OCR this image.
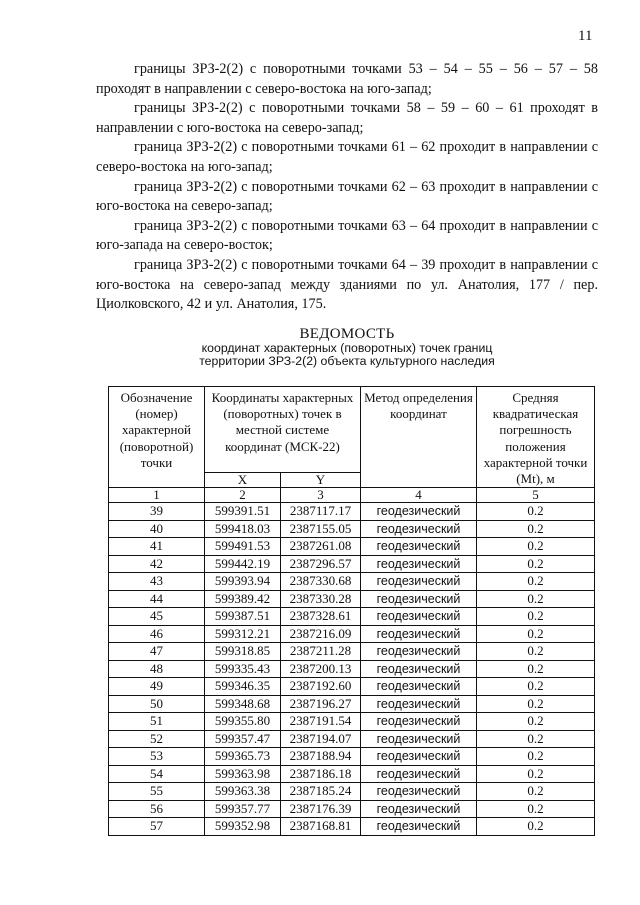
11

границы ЗРЗ-2(2) с поворотными точками 53 – 54 – 55 – 56 – 57 – 58 проходят в направлении с северо-востока на юго-запад;

границы ЗРЗ-2(2) с поворотными точками 58 – 59 – 60 – 61 проходят в направлении с юго-востока на северо-запад;

граница ЗРЗ-2(2) с поворотными точками 61 – 62 проходит в направлении с северо-востока на юго-запад;

граница ЗРЗ-2(2) с поворотными точками 62 – 63 проходит в направлении с юго-востока на северо-запад;

граница ЗРЗ-2(2) с поворотными точками 63 – 64 проходит в направлении с юго-запада на северо-восток;

граница ЗРЗ-2(2) с поворотными точками 64 – 39 проходит в направлении с юго-востока на северо-запад между зданиями по ул. Анатолия, 177 / пер. Циолковского, 42 и ул. Анатолия, 175.

ВЕДОМОСТЬ
координат характерных (поворотных) точек границ
территории ЗРЗ-2(2) объекта культурного наследия
Обозначение (номер) характерной (поворотной) точки	Координаты характерных (поворотных) точек в местной системе координат (МСК-22)		Метод определения координат	Средняя квадратическая погрешность положения характерной точки (Mt), м
	X	Y		
1	2	3	4	5
39	599391.51	2387117.17	геодезический	0.2
40	599418.03	2387155.05	геодезический	0.2
41	599491.53	2387261.08	геодезический	0.2
42	599442.19	2387296.57	геодезический	0.2
43	599393.94	2387330.68	геодезический	0.2
44	599389.42	2387330.28	геодезический	0.2
45	599387.51	2387328.61	геодезический	0.2
46	599312.21	2387216.09	геодезический	0.2
47	599318.85	2387211.28	геодезический	0.2
48	599335.43	2387200.13	геодезический	0.2
49	599346.35	2387192.60	геодезический	0.2
50	599348.68	2387196.27	геодезический	0.2
51	599355.80	2387191.54	геодезический	0.2
52	599357.47	2387194.07	геодезический	0.2
53	599365.73	2387188.94	геодезический	0.2
54	599363.98	2387186.18	геодезический	0.2
55	599363.38	2387185.24	геодезический	0.2
56	599357.77	2387176.39	геодезический	0.2
57	599352.98	2387168.81	геодезический	0.2
